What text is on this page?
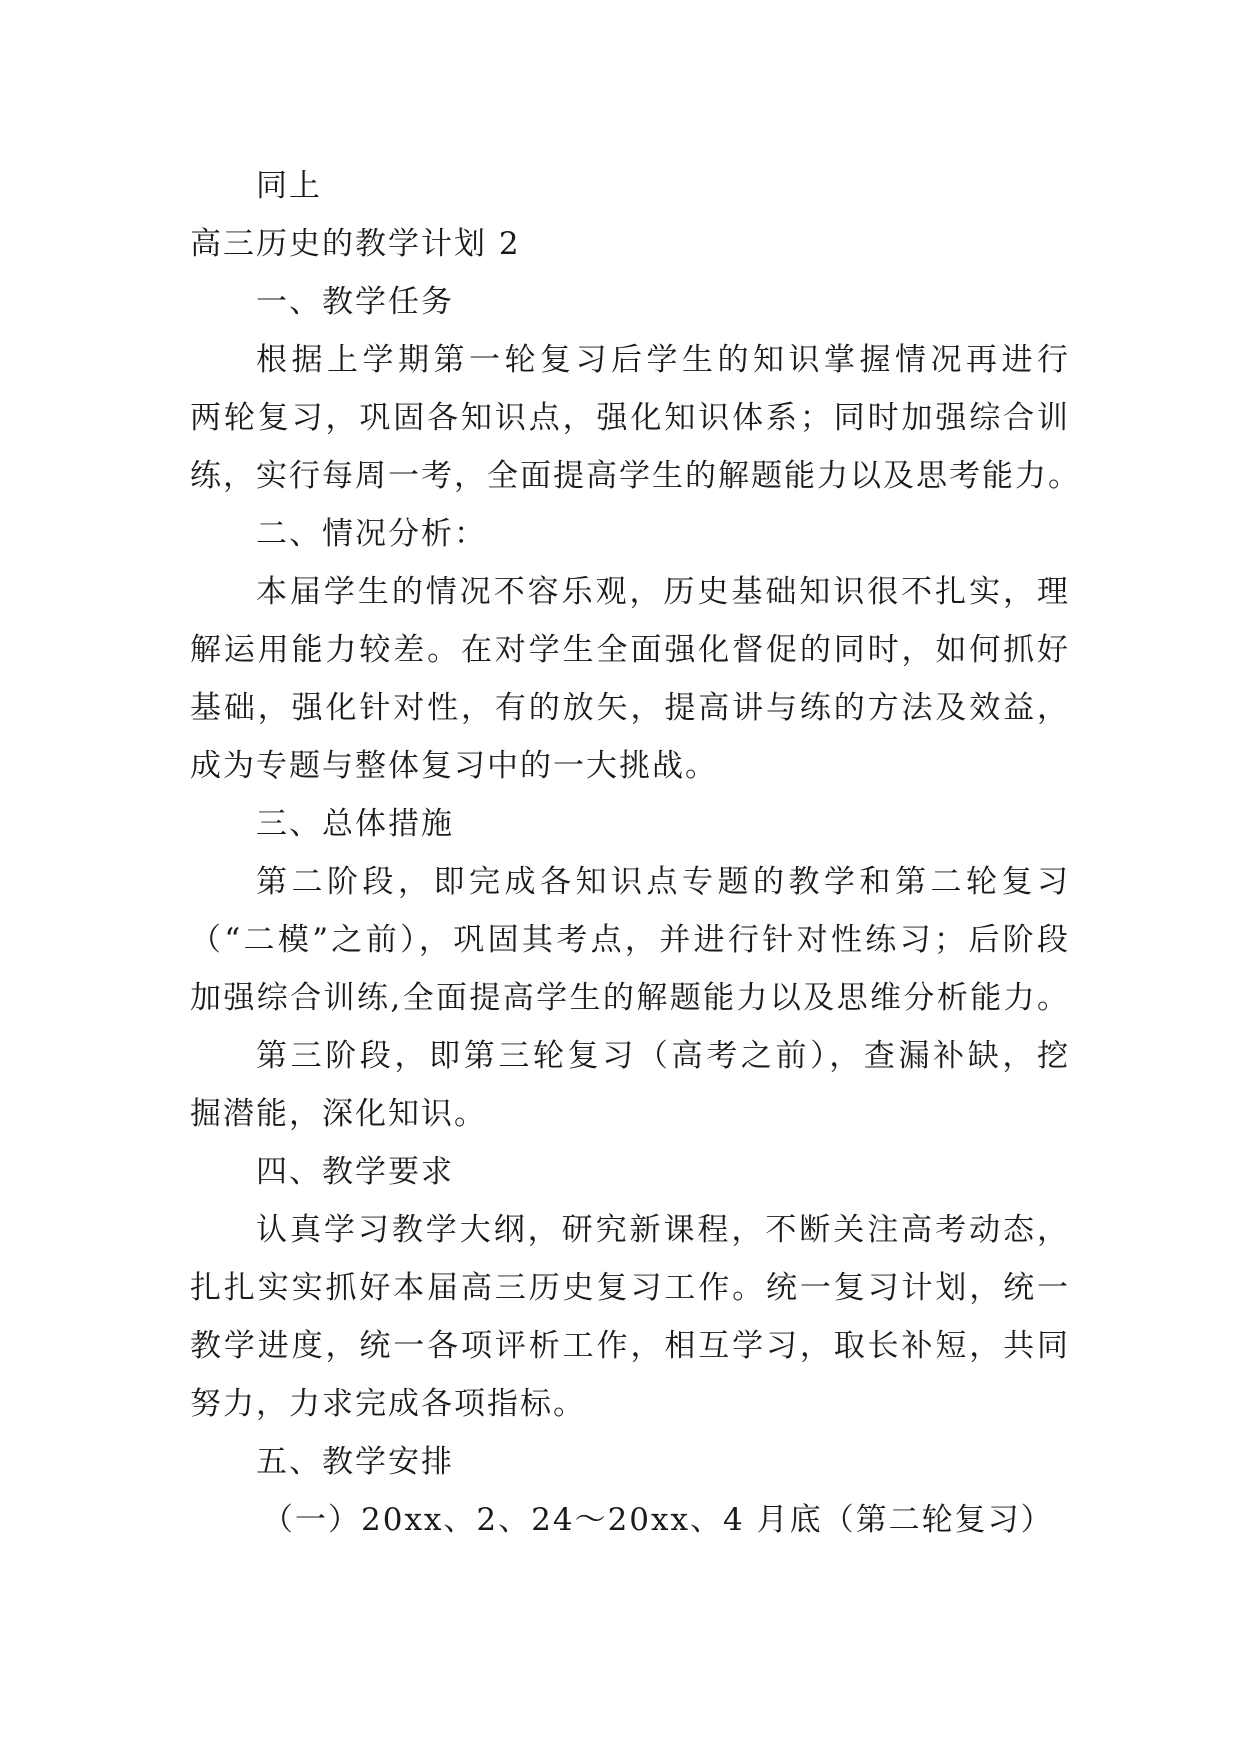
同上
高三历史的教学计划 2
一、教学任务
根据上学期第一轮复习后学生的知识掌握情况再进行
两轮复习，巩固各知识点，强化知识体系；同时加强综合训
练，实行每周一考，全面提高学生的解题能力以及思考能力。
二、情况分析：
本届学生的情况不容乐观，历史基础知识很不扎实，理
解运用能力较差。在对学生全面强化督促的同时，如何抓好
基础，强化针对性，有的放矢，提高讲与练的方法及效益，
成为专题与整体复习中的一大挑战。
三、总体措施
第二阶段，即完成各知识点专题的教学和第二轮复习
（“二模”之前），巩固其考点，并进行针对性练习；后阶段
加强综合训练,全面提高学生的解题能力以及思维分析能力。
第三阶段，即第三轮复习（高考之前），查漏补缺，挖
掘潜能，深化知识。
四、教学要求
认真学习教学大纲，研究新课程，不断关注高考动态，
扎扎实实抓好本届高三历史复习工作。统一复习计划，统一
教学进度，统一各项评析工作，相互学习，取长补短，共同
努力，力求完成各项指标。
五、教学安排
（一）20xx、2、24～20xx、4 月底（第二轮复习）
